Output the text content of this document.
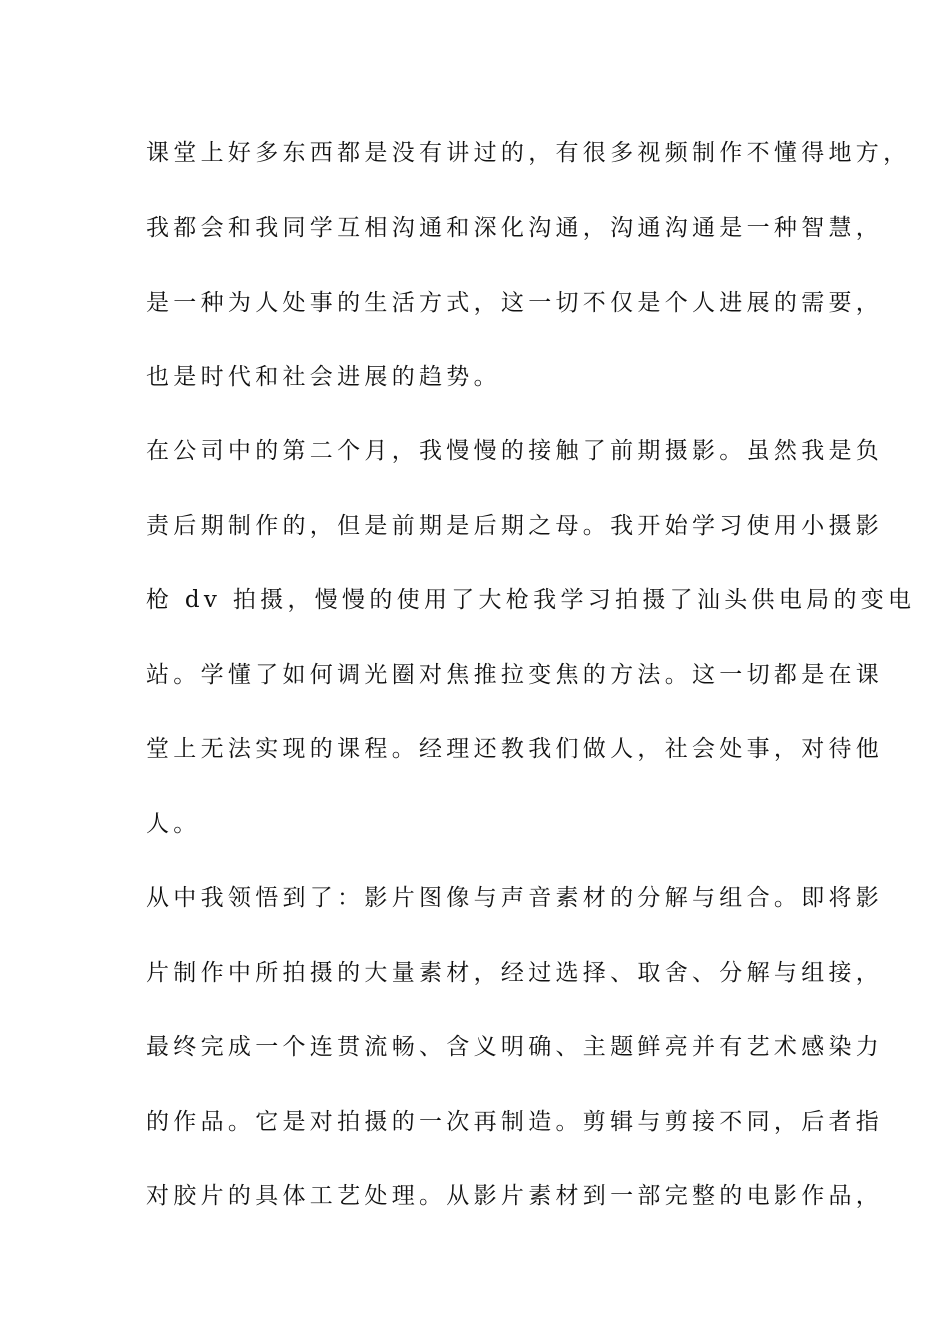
课堂上好多东西都是没有讲过的，有很多视频制作不懂得地方，
我都会和我同学互相沟通和深化沟通，沟通沟通是一种智慧，
是一种为人处事的生活方式，这一切不仅是个人进展的需要，
也是时代和社会进展的趋势。
在公司中的第二个月，我慢慢的接触了前期摄影。虽然我是负
责后期制作的，但是前期是后期之母。我开始学习使用小摄影
枪 dv 拍摄，慢慢的使用了大枪我学习拍摄了汕头供电局的变电
站。学懂了如何调光圈对焦推拉变焦的方法。这一切都是在课
堂上无法实现的课程。经理还教我们做人，社会处事，对待他
人。
从中我领悟到了：影片图像与声音素材的分解与组合。即将影
片制作中所拍摄的大量素材，经过选择、取舍、分解与组接，
最终完成一个连贯流畅、含义明确、主题鲜亮并有艺术感染力
的作品。它是对拍摄的一次再制造。剪辑与剪接不同，后者指
对胶片的具体工艺处理。从影片素材到一部完整的电影作品，
